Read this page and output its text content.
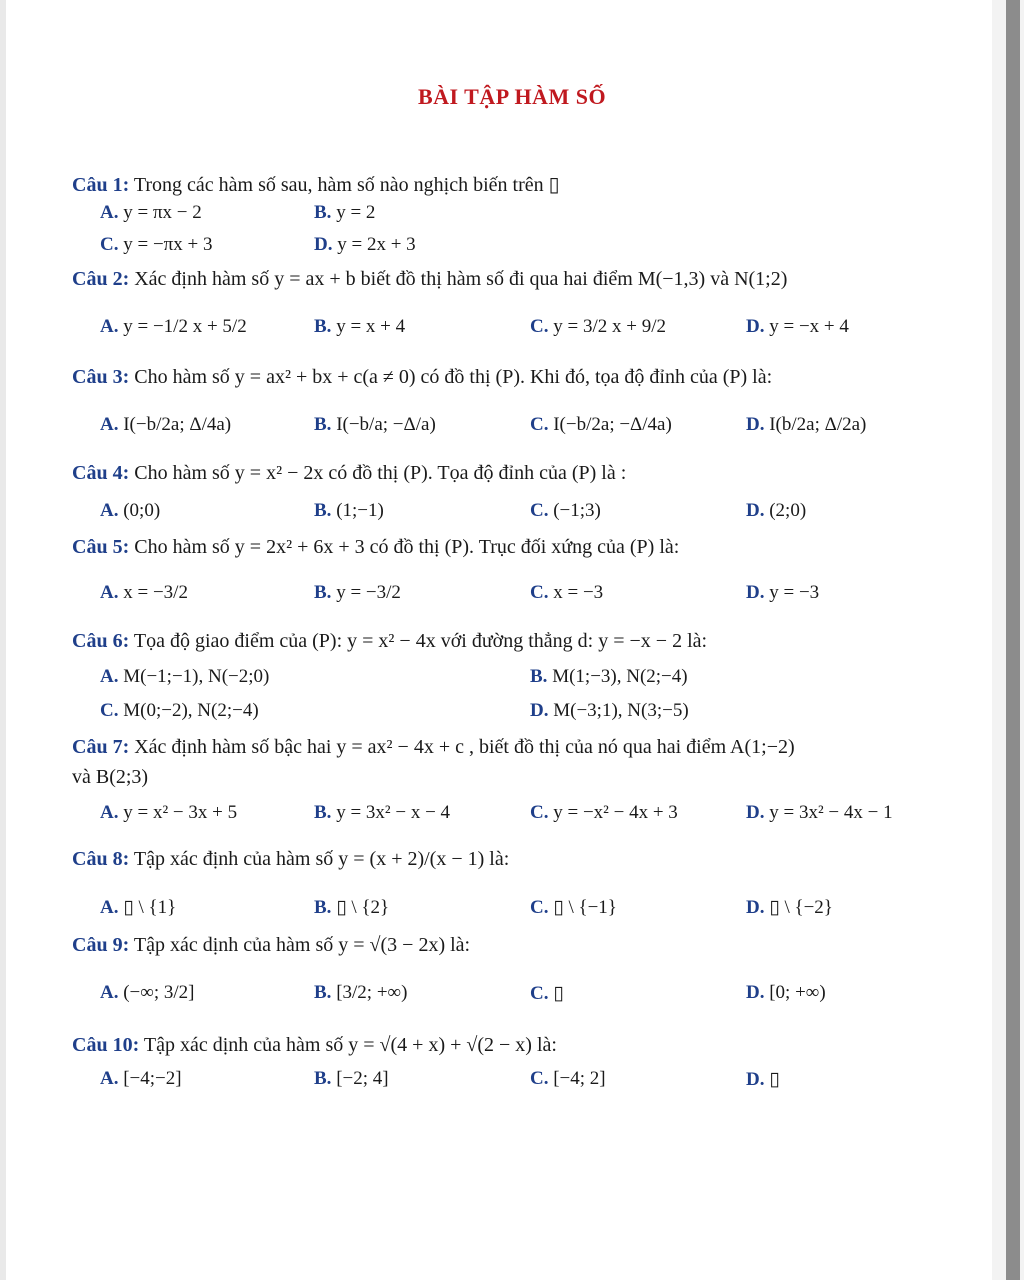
BÀI TẬP HÀM SỐ
Câu 1: Trong các hàm số sau, hàm số nào nghịch biến trên ▯
A. y = πx − 2	B. y = 2
C. y = −πx + 3	D. y = 2x + 3
Câu 2: Xác định hàm số y = ax + b biết đồ thị hàm số đi qua hai điểm M(−1,3) và N(1;2)
A. y = −1/2 x + 5/2	B. y = x + 4	C. y = 3/2 x + 9/2	D. y = −x + 4
Câu 3: Cho hàm số y = ax² + bx + c(a ≠ 0) có đồ thị (P). Khi đó, tọa độ đỉnh của (P) là:
A. I(−b/2a; Δ/4a)	B. I(−b/a; −Δ/a)	C. I(−b/2a; −Δ/4a)	D. I(b/2a; Δ/2a)
Câu 4: Cho hàm số y = x² − 2x có đồ thị (P). Tọa độ đỉnh của (P) là :
A. (0;0)	B. (1;−1)	C. (−1;3)	D. (2;0)
Câu 5: Cho hàm số y = 2x² + 6x + 3 có đồ thị (P). Trục đối xứng của (P) là:
A. x = −3/2	B. y = −3/2	C. x = −3	D. y = −3
Câu 6: Tọa độ giao điểm của (P): y = x² − 4x với đường thẳng d: y = −x − 2 là:
A. M(−1;−1), N(−2;0)	B. M(1;−3), N(2;−4)
C. M(0;−2), N(2;−4)	D. M(−3;1), N(3;−5)
Câu 7: Xác định hàm số bậc hai y = ax² − 4x + c , biết đồ thị của nó qua hai điểm A(1;−2)
và B(2;3)
A. y = x² − 3x + 5	B. y = 3x² − x − 4	C. y = −x² − 4x + 3	D. y = 3x² − 4x − 1
Câu 8: Tập xác định của hàm số y = (x + 2)/(x − 1) là:
A. ▯ \ {1}	B. ▯ \ {2}	C. ▯ \ {−1}	D. ▯ \ {−2}
Câu 9: Tập xác dịnh của hàm số y = √(3 − 2x) là:
A. (−∞; 3/2]	B. [3/2; +∞)	C. ▯	D. [0; +∞)
Câu 10: Tập xác dịnh của hàm số y = √(4 + x) + √(2 − x) là:
A. [−4;−2]	B. [−2; 4]	C. [−4; 2]	D. ▯
